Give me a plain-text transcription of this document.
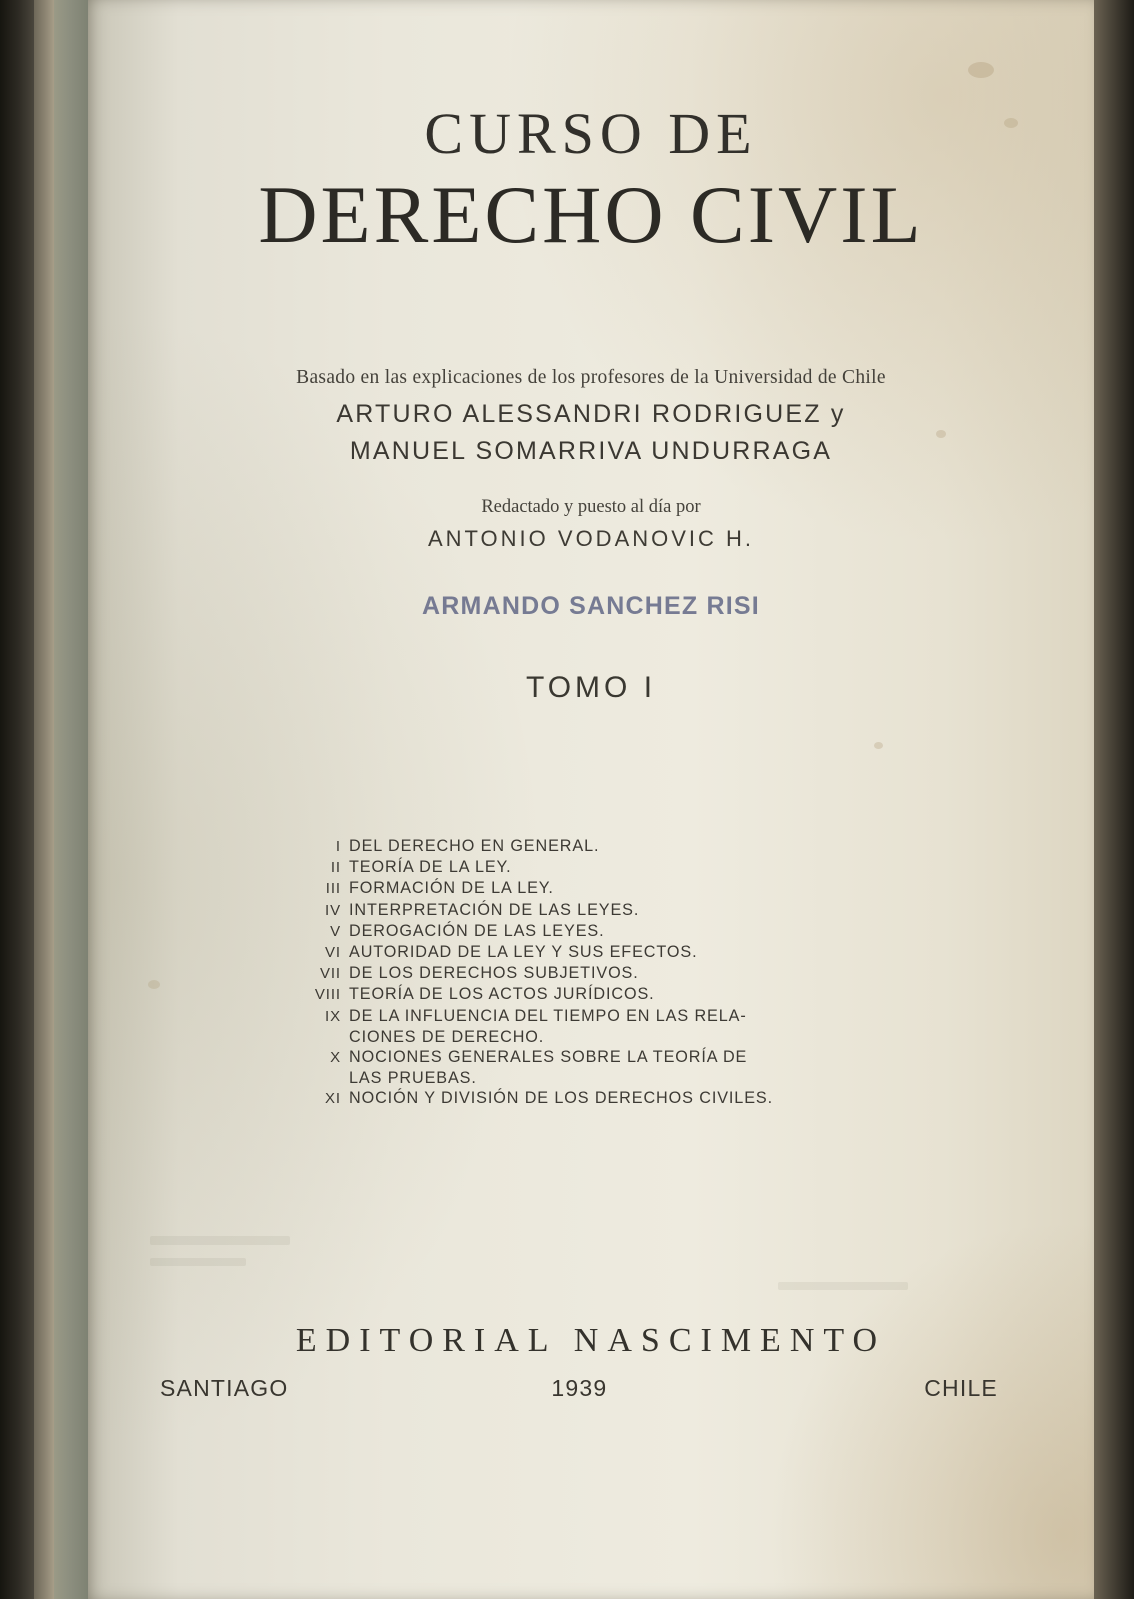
CURSO DE
DERECHO CIVIL
Basado en las explicaciones de los profesores de la Universidad de Chile
ARTURO ALESSANDRI RODRIGUEZ y
MANUEL SOMARRIVA UNDURRAGA
Redactado y puesto al día por
ANTONIO VODANOVIC H.
ARMANDO SANCHEZ RISI
TOMO I
I DEL DERECHO EN GENERAL.
II TEORÍA DE LA LEY.
III FORMACIÓN DE LA LEY.
IV INTERPRETACIÓN DE LAS LEYES.
V DEROGACIÓN DE LAS LEYES.
VI AUTORIDAD DE LA LEY Y SUS EFECTOS.
VII DE LOS DERECHOS SUBJETIVOS.
VIII TEORÍA DE LOS ACTOS JURÍDICOS.
IX DE LA INFLUENCIA DEL TIEMPO EN LAS RELA-
CIONES DE DERECHO.
X NOCIONES GENERALES SOBRE LA TEORÍA DE
LAS PRUEBAS.
XI NOCIÓN Y DIVISIÓN DE LOS DERECHOS CIVILES.
EDITORIAL NASCIMENTO
SANTIAGO	1939	CHILE
